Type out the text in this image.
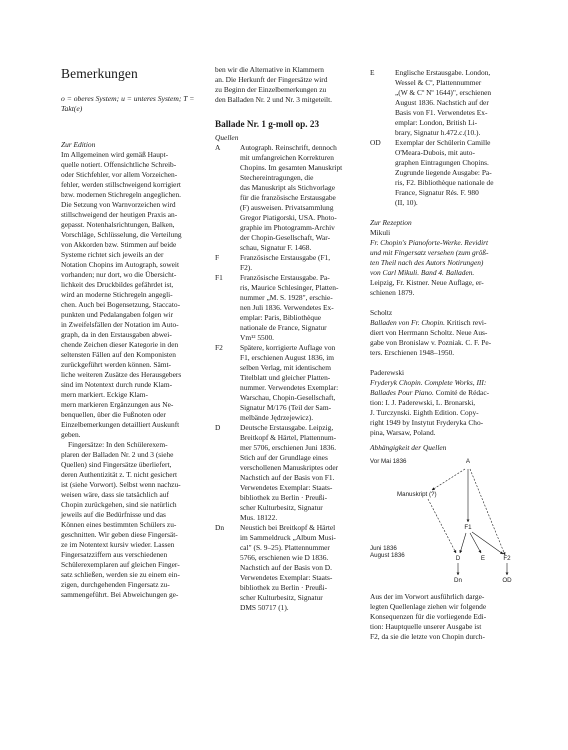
Bemerkungen
o = oberes System; u = unteres System; T = Takt(e)
Zur Edition
Im Allgemeinen wird gemäß Haupt-
quelle notiert. Offensichtliche Schreib-
oder Stichfehler, vor allem Vorzeichen-
fehler, werden stillschweigend korrigiert
bzw. modernen Stichregeln angeglichen.
Die Setzung von Warnvorzeichen wird
stillschweigend der heutigen Praxis an-
gepasst. Notenhalsrichtungen, Balken,
Vorschläge, Schlüsselung, die Verteilung
von Akkorden bzw. Stimmen auf beide
Systeme richtet sich jeweils an der
Notation Chopins im Autograph, soweit
vorhanden; nur dort, wo die Übersicht-
lichkeit des Druckbildes gefährdet ist,
wird an moderne Stichregeln angegli-
chen. Auch bei Bogensetzung, Staccato-
punkten und Pedalangaben folgen wir
in Zweifelsfällen der Notation im Auto-
graph, da in den Erstausgaben abwei-
chende Zeichen dieser Kategorie in den
seltensten Fällen auf den Komponisten
zurückgeführt werden können. Sämt-
liche weiteren Zusätze des Herausgebers
sind im Notentext durch runde Klam-
mern markiert. Eckige Klam-
mern markieren Ergänzungen aus Ne-
benquellen, über die Fußnoten oder
Einzelbemerkungen detailliert Auskunft
geben.
Fingersätze: In den Schülerexem-
plaren der Balladen Nr. 2 und 3 (siehe
Quellen) sind Fingersätze überliefert,
deren Authentizität z. T. nicht gesichert
ist (siehe Vorwort). Selbst wenn nachzu-
weisen wäre, dass sie tatsächlich auf
Chopin zurückgehen, sind sie natürlich
jeweils auf die Bedürfnisse und das
Können eines bestimmten Schülers zu-
geschnitten. Wir geben diese Fingersät-
ze im Notentext kursiv wieder. Lassen
Fingersatzziffern aus verschiedenen
Schülerexemplaren auf gleichen Finger-
satz schließen, werden sie zu einem ein-
zigen, durchgehenden Fingersatz zu-
sammengeführt. Bei Abweichungen ge-
ben wir die Alternative in Klammern
an. Die Herkunft der Fingersätze wird
zu Beginn der Einzelbemerkungen zu
den Balladen Nr. 2 und Nr. 3 mitgeteilt.
Ballade Nr. 1 g-moll op. 23
Quellen
A	Autograph. Reinschrift, dennoch
mit umfangreichen Korrekturen
Chopins. Im gesamten Manuskript
Stechereintragungen, die
das Manuskript als Stichvorlage
für die französische Erstausgabe
(F) ausweisen. Privatsammlung
Gregor Piatigorski, USA. Photo-
graphie im Photogramm-Archiv
der Chopin-Gesellschaft, War-
schau, Signatur F. 1468.
F	Französische Erstausgabe (F1,
F2).
F1	Französische Erstausgabe. Pa-
ris, Maurice Schlesinger, Platten-
nummer „M. S. 1928", erschie-
nen Juli 1836. Verwendetes Ex-
emplar: Paris, Bibliothèque
nationale de France, Signatur
Vm¹² 5500.
F2	Spätere, korrigierte Auflage von
F1, erschienen August 1836, im
selben Verlag, mit identischem
Titelblatt und gleicher Platten-
nummer. Verwendetes Exemplar:
Warschau, Chopin-Gesellschaft,
Signatur M/176 (Teil der Sam-
melbände Jędrzejewicz).
D	Deutsche Erstausgabe. Leipzig,
Breitkopf & Härtel, Plattennum-
mer 5706, erschienen Juni 1836.
Stich auf der Grundlage eines
verschollenen Manuskriptes oder
Nachstich auf der Basis von F1.
Verwendetes Exemplar: Staats-
bibliothek zu Berlin · Preußi-
scher Kulturbesitz, Signatur
Mus. 18122.
Dn	Neustich bei Breitkopf & Härtel
im Sammeldruck „Album Musi-
cal" (S. 9–25). Plattennummer
5766, erschienen wie D 1836.
Nachstich auf der Basis von D.
Verwendetes Exemplar: Staats-
bibliothek zu Berlin · Preußi-
scher Kulturbesitz, Signatur
DMS 50717 (1).
E	Englische Erstausgabe. London,
Wessel & Cº, Plattennummer
„(W & Cº Nº 1644)", erschienen
August 1836. Nachstich auf der
Basis von F1. Verwendetes Ex-
emplar: London, British Li-
brary, Signatur h.472.c.(10.).
OD	Exemplar der Schülerin Camille
O'Meara-Dubois, mit auto-
graphen Eintragungen Chopins.
Zugrunde liegende Ausgabe: Pa-
ris, F2. Bibliothèque nationale de
France, Signatur Rés. F. 980
(II, 10).
Zur Rezeption
Mikuli
Fr. Chopin's Pianoforte-Werke. Revidirt
und mit Fingersatz versehen (zum größ-
ten Theil nach des Autors Notirungen)
von Carl Mikuli. Band 4. Balladen.
Leipzig, Fr. Kistner. Neue Auflage, er-
schienen 1879.
Scholtz
Balladen von Fr. Chopin. Kritisch revi-
diert von Herrmann Scholtz. Neue Aus-
gabe von Bronislaw v. Pozniak. C. F. Pe-
ters. Erschienen 1948–1950.
Paderewski
Fryderyk Chopin. Complete Works, III:
Ballades Pour Piano. Comité de Rédac-
tion: I. J. Paderewski, L. Bronarski,
J. Turczynski. Eighth Edition. Copy-
right 1949 by Instytut Fryderyka Cho-
pina, Warsaw, Poland.
Abhängigkeit der Quellen
Vor Mai 1836	A
Manuskript (?)
F1
Juni 1836
August 1836	D	E	F2
Dn	OD
Aus der im Vorwort ausführlich darge-
legten Quellenlage ziehen wir folgende
Konsequenzen für die vorliegende Edi-
tion: Hauptquelle unserer Ausgabe ist
F2, da sie die letzte von Chopin durch-
